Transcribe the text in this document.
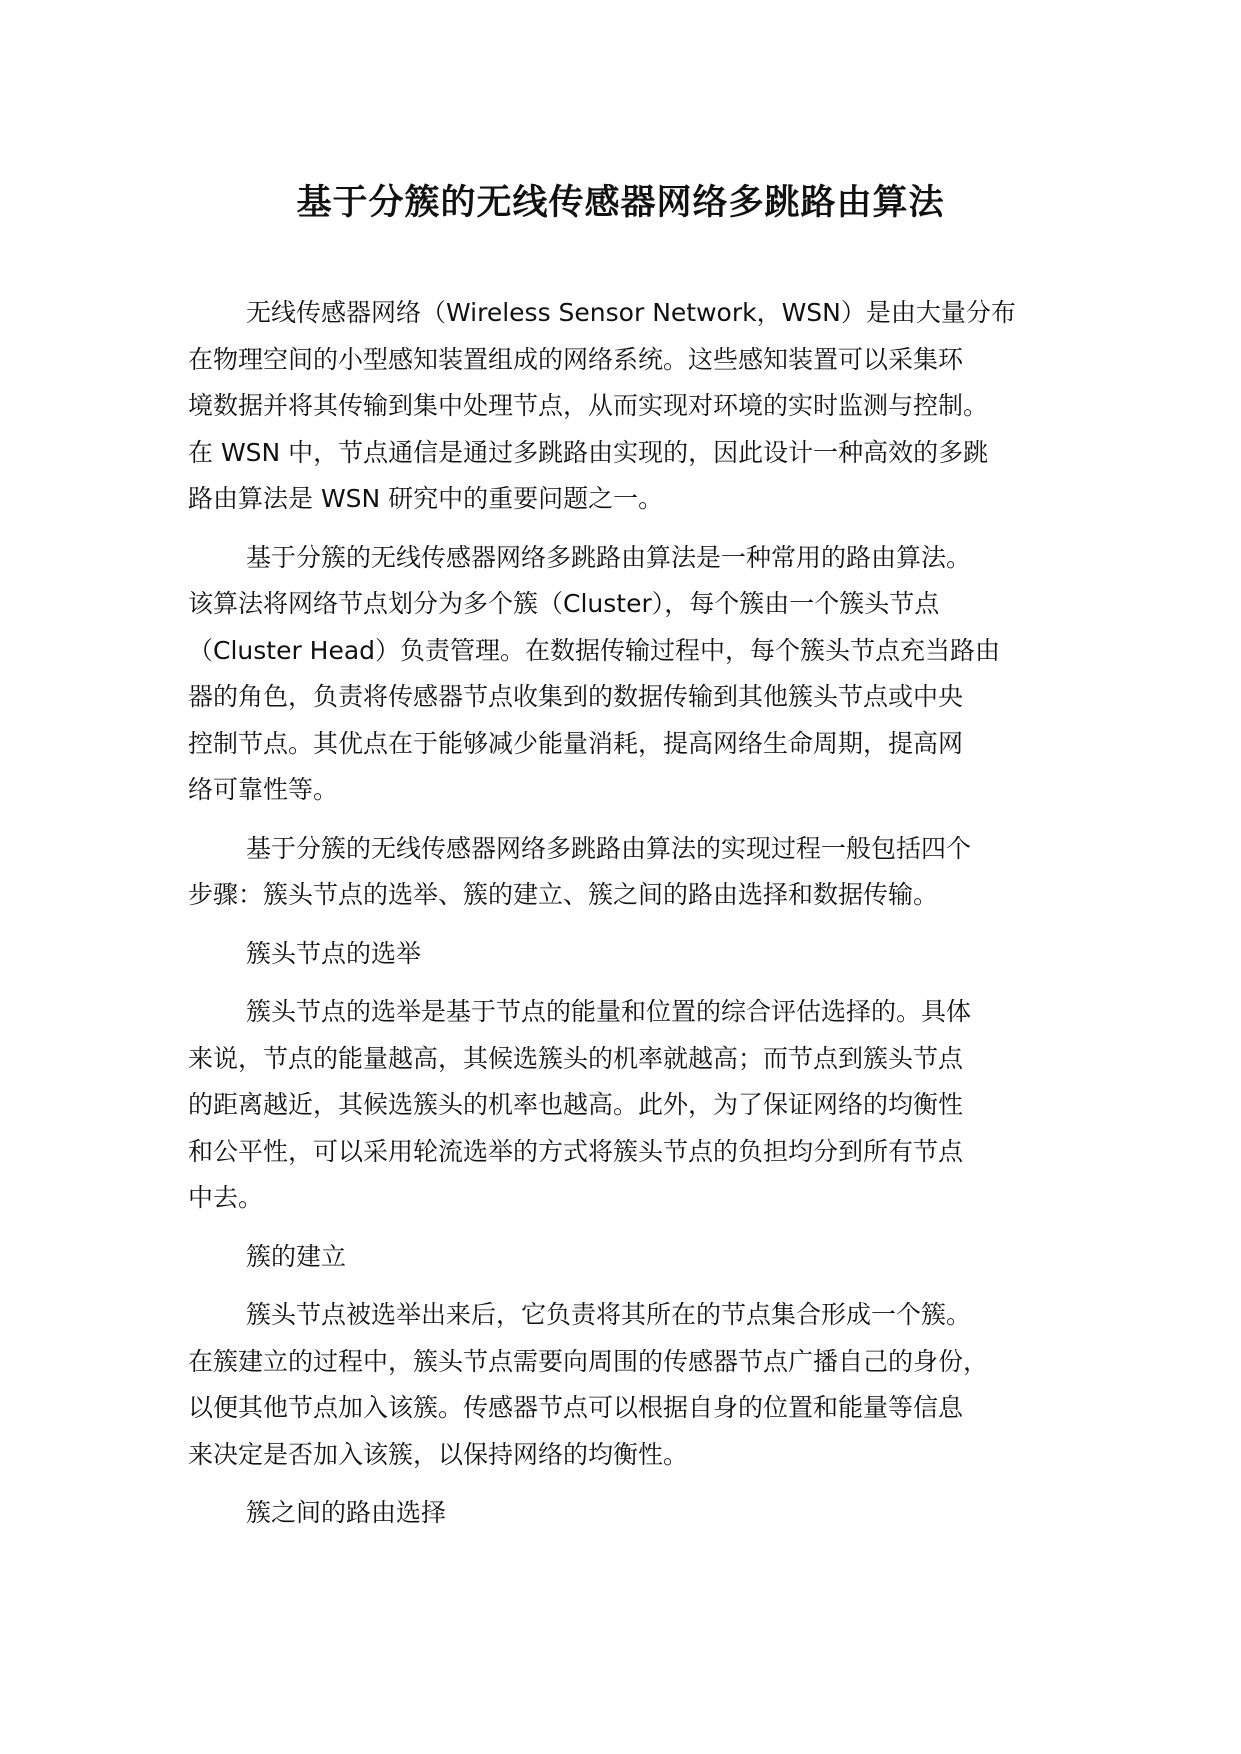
基于分簇的无线传感器网络多跳路由算法

无线传感器网络（Wireless Sensor Network，WSN）是由大量分布
在物理空间的小型感知装置组成的网络系统。这些感知装置可以采集环
境数据并将其传输到集中处理节点，从而实现对环境的实时监测与控制。
在 WSN 中，节点通信是通过多跳路由实现的，因此设计一种高效的多跳
路由算法是 WSN 研究中的重要问题之一。

基于分簇的无线传感器网络多跳路由算法是一种常用的路由算法。
该算法将网络节点划分为多个簇（Cluster），每个簇由一个簇头节点
（Cluster Head）负责管理。在数据传输过程中，每个簇头节点充当路由
器的角色，负责将传感器节点收集到的数据传输到其他簇头节点或中央
控制节点。其优点在于能够减少能量消耗，提高网络生命周期，提高网
络可靠性等。

基于分簇的无线传感器网络多跳路由算法的实现过程一般包括四个
步骤：簇头节点的选举、簇的建立、簇之间的路由选择和数据传输。

簇头节点的选举

簇头节点的选举是基于节点的能量和位置的综合评估选择的。具体
来说，节点的能量越高，其候选簇头的机率就越高；而节点到簇头节点
的距离越近，其候选簇头的机率也越高。此外，为了保证网络的均衡性
和公平性，可以采用轮流选举的方式将簇头节点的负担均分到所有节点
中去。

簇的建立

簇头节点被选举出来后，它负责将其所在的节点集合形成一个簇。
在簇建立的过程中，簇头节点需要向周围的传感器节点广播自己的身份，
以便其他节点加入该簇。传感器节点可以根据自身的位置和能量等信息
来决定是否加入该簇，以保持网络的均衡性。

簇之间的路由选择
